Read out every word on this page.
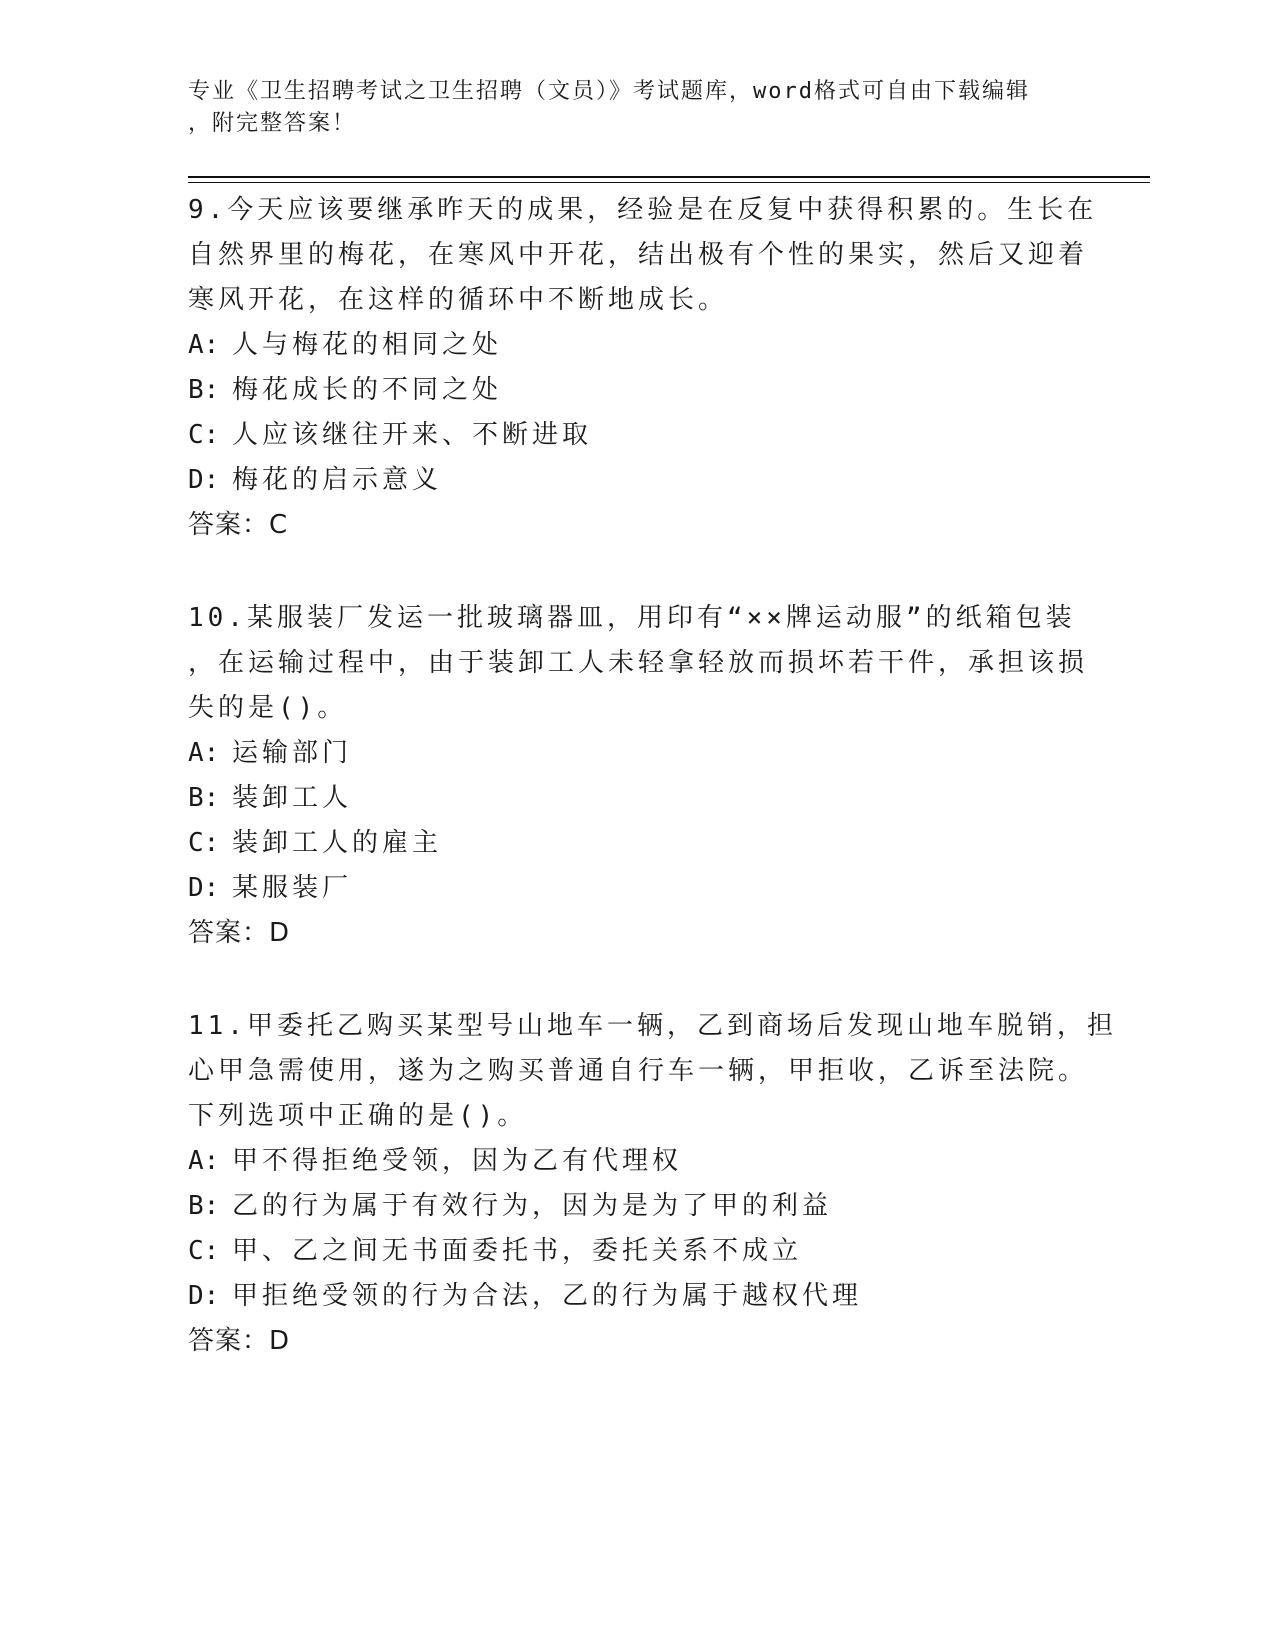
专业《卫生招聘考试之卫生招聘（文员）》考试题库，word格式可自由下载编辑
，附完整答案！
9.今天应该要继承昨天的成果，经验是在反复中获得积累的。生长在
自然界里的梅花，在寒风中开花，结出极有个性的果实，然后又迎着
寒风开花，在这样的循环中不断地成长。
A: 人与梅花的相同之处
B: 梅花成长的不同之处
C: 人应该继往开来、不断进取
D: 梅花的启示意义
答案：C
10.某服装厂发运一批玻璃器皿，用印有“××牌运动服”的纸箱包装
，在运输过程中，由于装卸工人未轻拿轻放而损坏若干件，承担该损
失的是()。
A: 运输部门
B: 装卸工人
C: 装卸工人的雇主
D: 某服装厂
答案：D
11.甲委托乙购买某型号山地车一辆，乙到商场后发现山地车脱销，担
心甲急需使用，遂为之购买普通自行车一辆，甲拒收，乙诉至法院。
下列选项中正确的是()。
A: 甲不得拒绝受领，因为乙有代理权
B: 乙的行为属于有效行为，因为是为了甲的利益
C: 甲、乙之间无书面委托书，委托关系不成立
D: 甲拒绝受领的行为合法，乙的行为属于越权代理
答案：D
